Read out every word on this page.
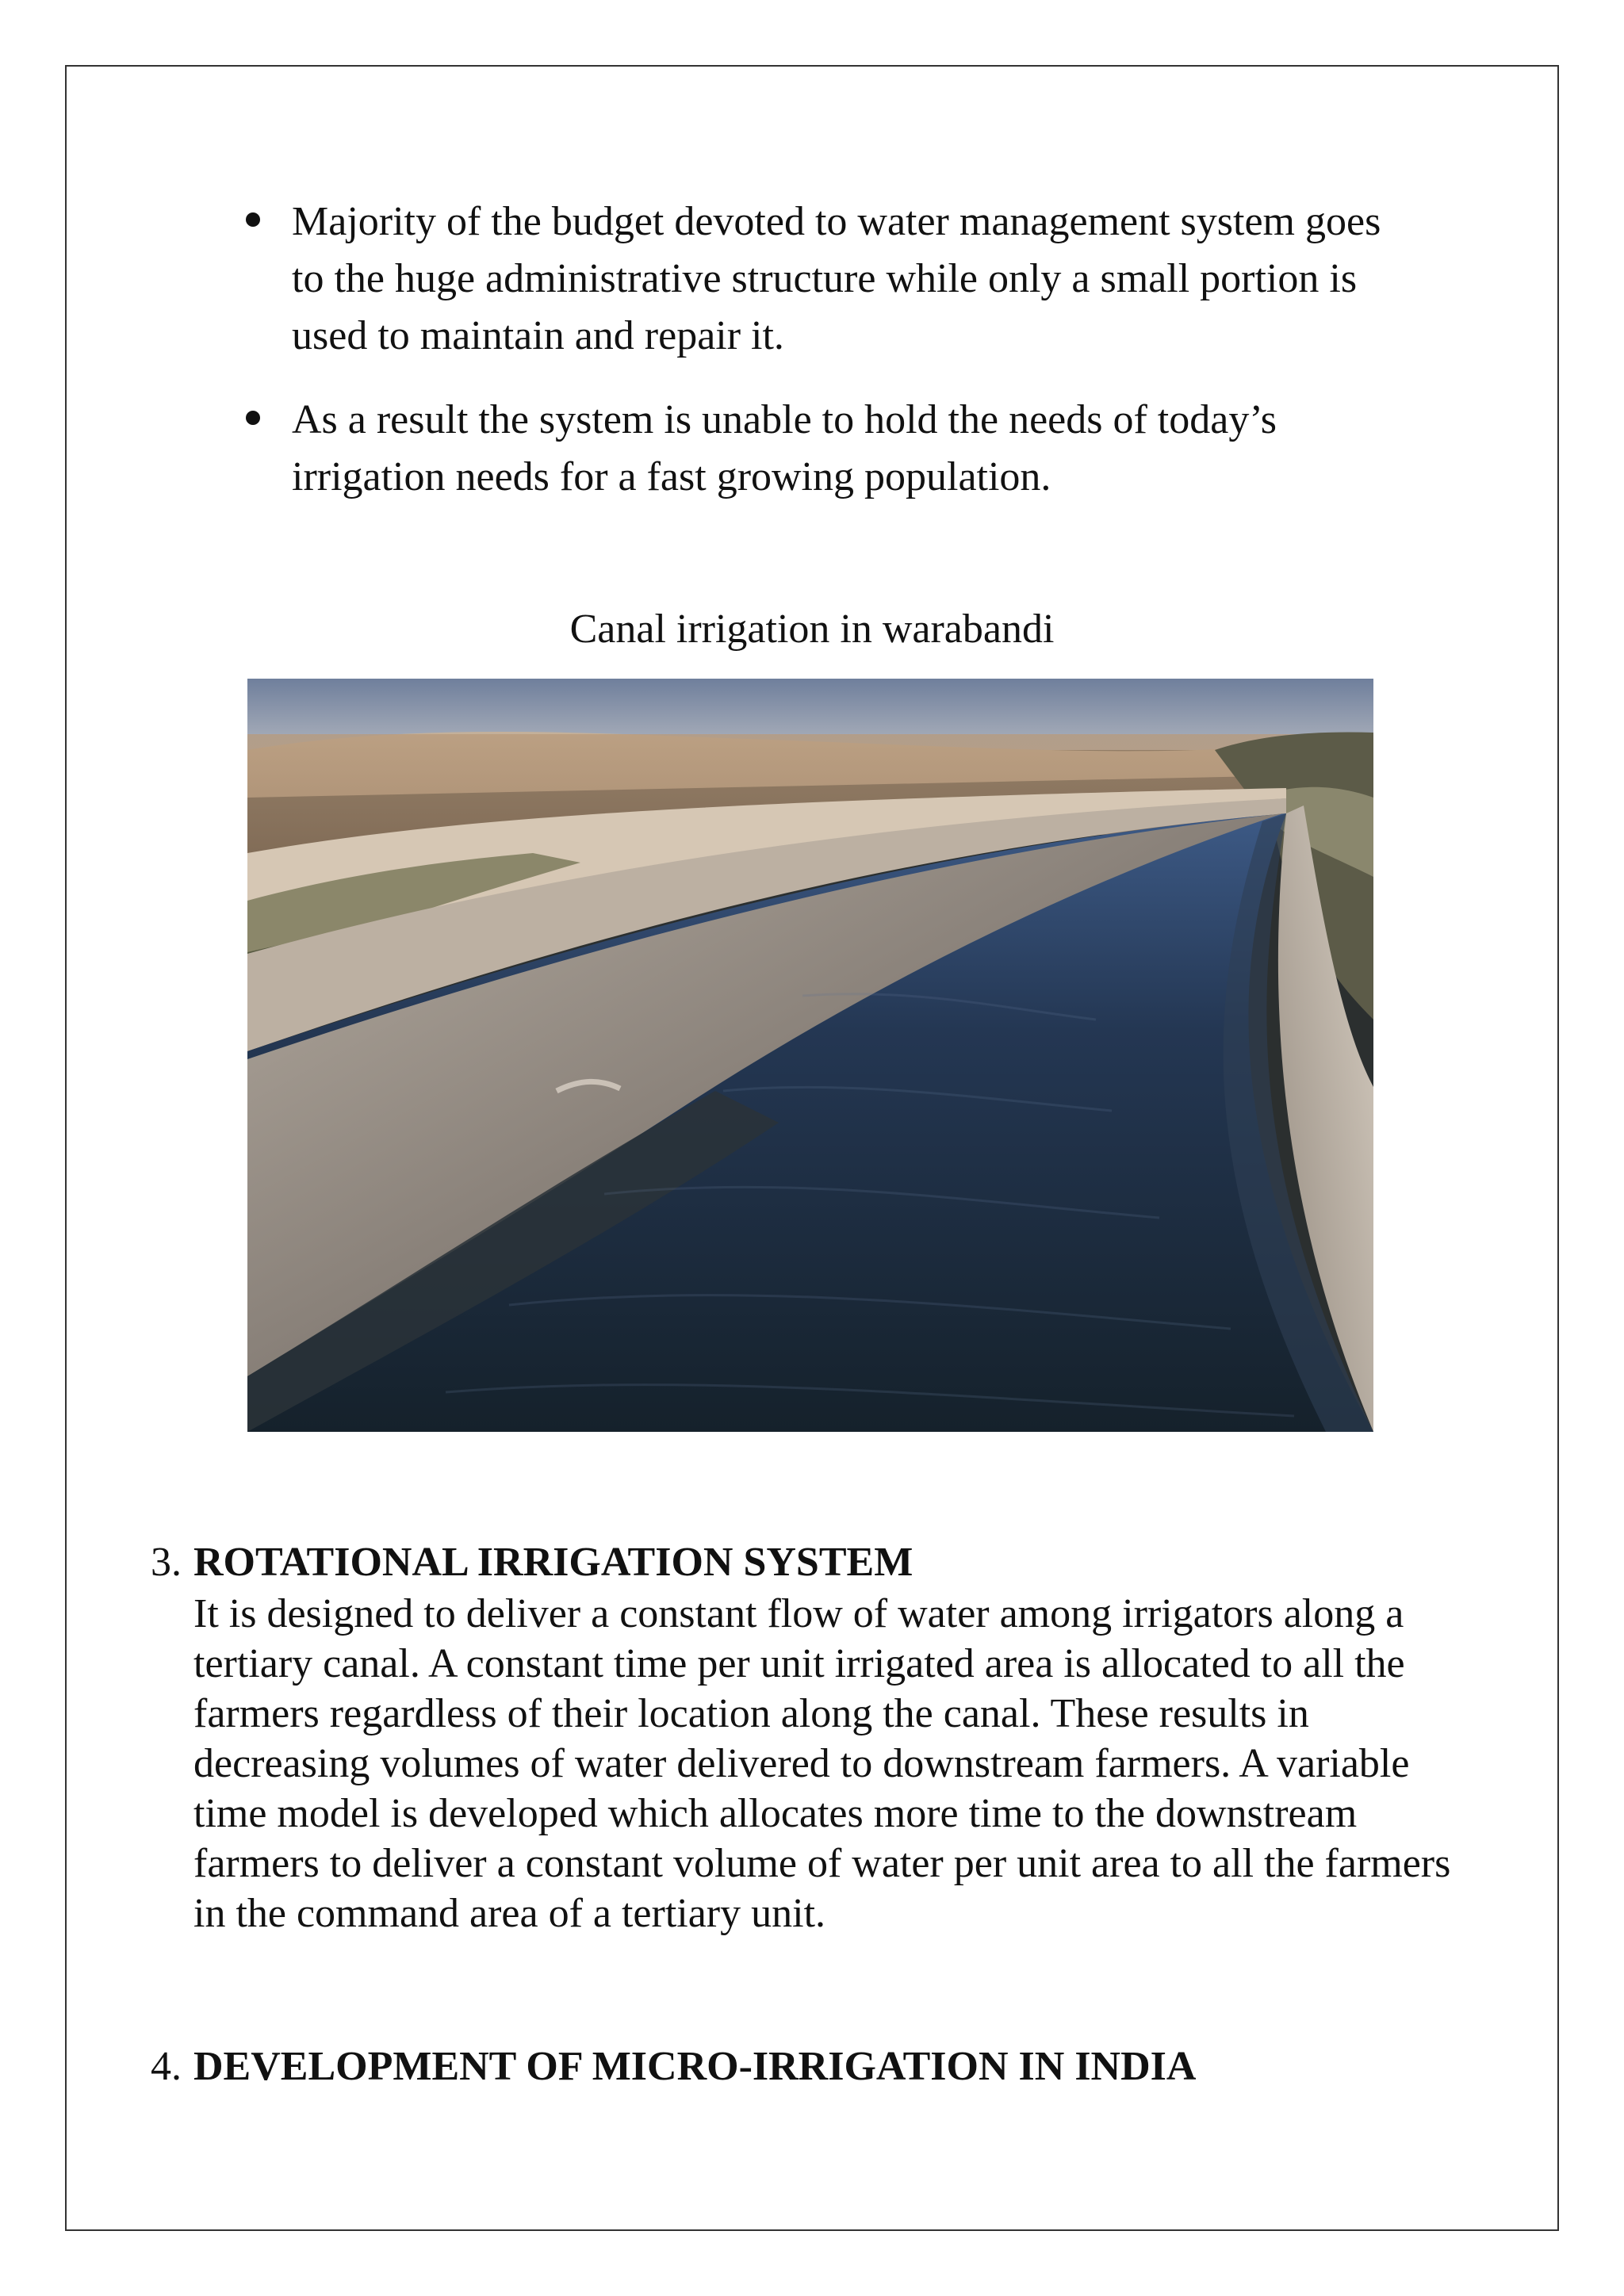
Majority of the budget devoted to water management system goes to the huge administrative structure while only a small portion is used to maintain and repair it.
As a result the system is unable to hold the needs of today’s irrigation needs for a fast growing population.
Canal irrigation in warabandi
3. ROTATIONAL IRRIGATION SYSTEM

It is designed to deliver a constant flow of water among irrigators along a tertiary canal. A constant time per unit irrigated area is allocated to all the farmers regardless of their location along the canal. These results in decreasing volumes of water delivered to downstream farmers. A variable time model is developed which allocates more time to the downstream farmers to deliver a constant volume of water per unit area to all the farmers in the command area of a tertiary unit.

4. DEVELOPMENT OF MICRO-IRRIGATION IN INDIA
